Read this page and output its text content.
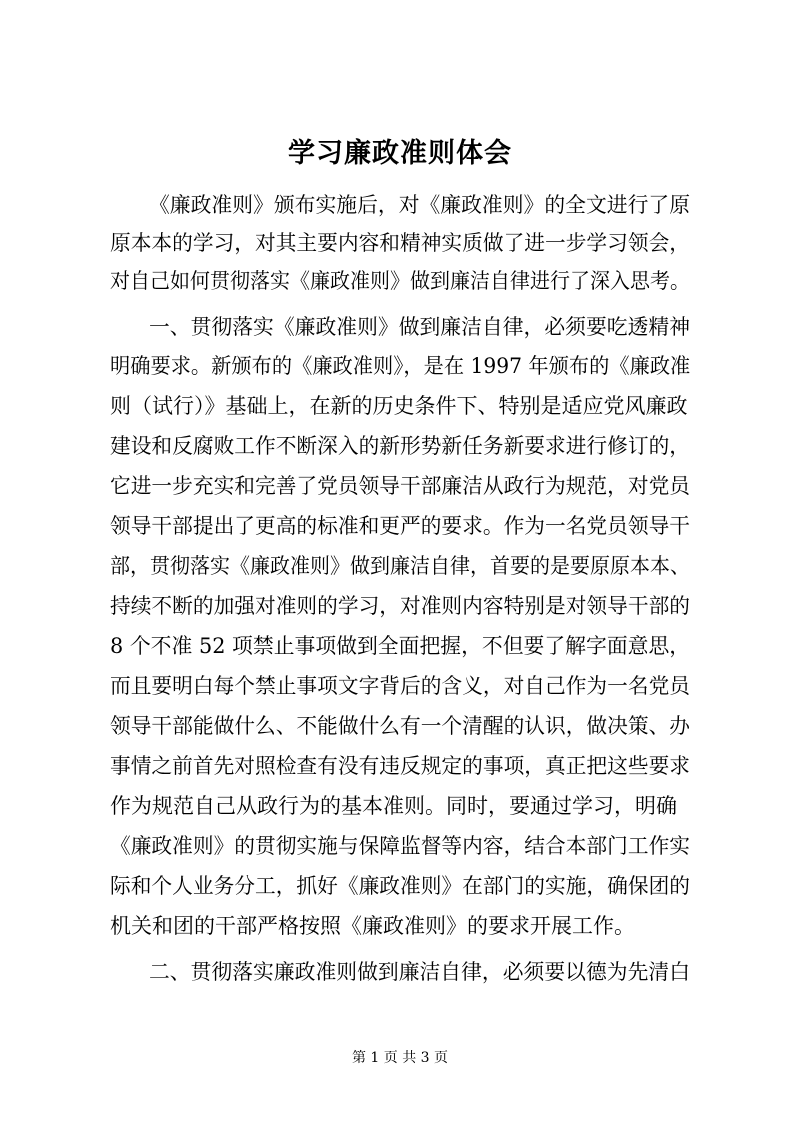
学习廉政准则体会
《廉政准则》颁布实施后，对《廉政准则》的全文进行了原
原本本的学习，对其主要内容和精神实质做了进一步学习领会，
对自己如何贯彻落实《廉政准则》做到廉洁自律进行了深入思考。
一、贯彻落实《廉政准则》做到廉洁自律，必须要吃透精神
明确要求。新颁布的《廉政准则》，是在 1997 年颁布的《廉政准
则（试行）》基础上，在新的历史条件下、特别是适应党风廉政
建设和反腐败工作不断深入的新形势新任务新要求进行修订的，
它进一步充实和完善了党员领导干部廉洁从政行为规范，对党员
领导干部提出了更高的标准和更严的要求。作为一名党员领导干
部，贯彻落实《廉政准则》做到廉洁自律，首要的是要原原本本、
持续不断的加强对准则的学习，对准则内容特别是对领导干部的
8 个不准 52 项禁止事项做到全面把握，不但要了解字面意思，
而且要明白每个禁止事项文字背后的含义，对自己作为一名党员
领导干部能做什么、不能做什么有一个清醒的认识，做决策、办
事情之前首先对照检查有没有违反规定的事项，真正把这些要求
作为规范自己从政行为的基本准则。同时，要通过学习，明确
《廉政准则》的贯彻实施与保障监督等内容，结合本部门工作实
际和个人业务分工，抓好《廉政准则》在部门的实施，确保团的
机关和团的干部严格按照《廉政准则》的要求开展工作。
二、贯彻落实廉政准则做到廉洁自律，必须要以德为先清白
第 1 页 共 3 页
